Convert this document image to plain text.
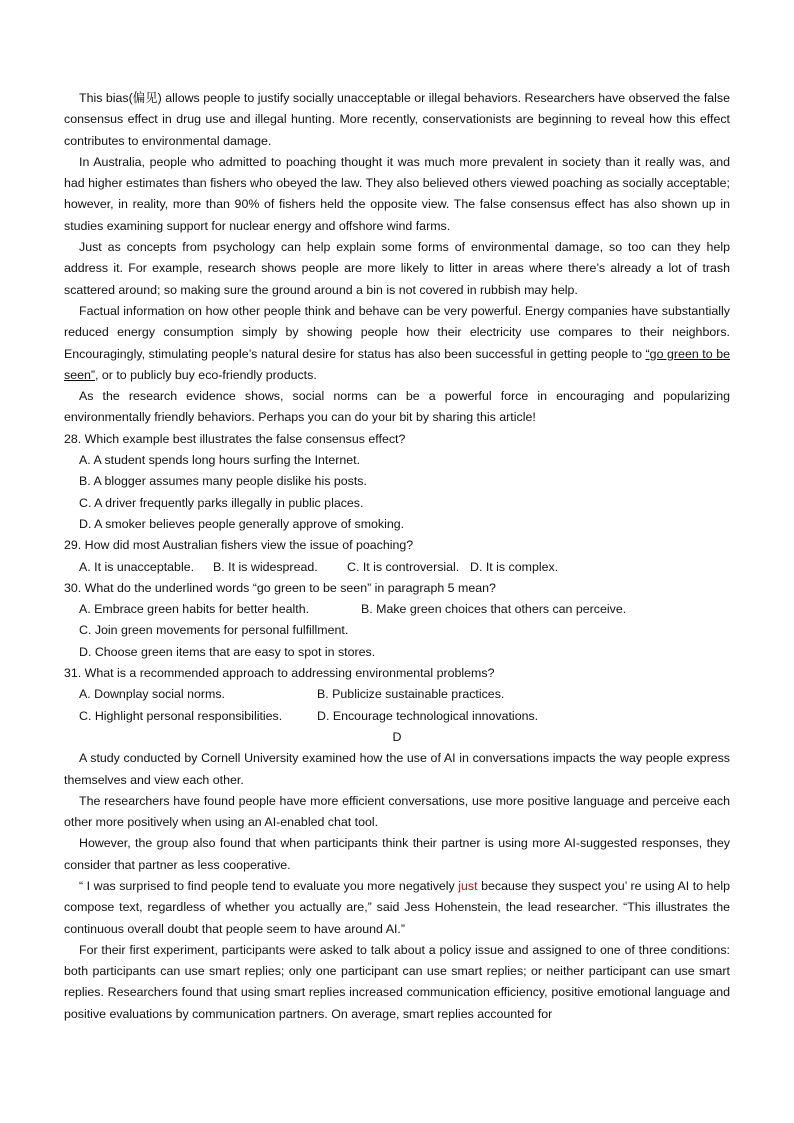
This bias(偏见) allows people to justify socially unacceptable or illegal behaviors. Researchers have observed the false consensus effect in drug use and illegal hunting. More recently, conservationists are beginning to reveal how this effect contributes to environmental damage.

In Australia, people who admitted to poaching thought it was much more prevalent in society than it really was, and had higher estimates than fishers who obeyed the law. They also believed others viewed poaching as socially acceptable; however, in reality, more than 90% of fishers held the opposite view. The false consensus effect has also shown up in studies examining support for nuclear energy and offshore wind farms.

Just as concepts from psychology can help explain some forms of environmental damage, so too can they help address it. For example, research shows people are more likely to litter in areas where there’s already a lot of trash scattered around; so making sure the ground around a bin is not covered in rubbish may help.

Factual information on how other people think and behave can be very powerful. Energy companies have substantially reduced energy consumption simply by showing people how their electricity use compares to their neighbors. Encouragingly, stimulating people’s natural desire for status has also been successful in getting people to “go green to be seen”, or to publicly buy eco-friendly products.

As the research evidence shows, social norms can be a powerful force in encouraging and popularizing environmentally friendly behaviors. Perhaps you can do your bit by sharing this article!

28. Which example best illustrates the false consensus effect?

A. A student spends long hours surfing the Internet.

B. A blogger assumes many people dislike his posts.

C. A driver frequently parks illegally in public places.

D. A smoker believes people generally approve of smoking.

29. How did most Australian fishers view the issue of poaching?

A. It is unacceptable.	B. It is widespread.	C. It is controversial. D. It is complex.

30. What do the underlined words “go green to be seen” in paragraph 5 mean?

A. Embrace green habits for better health.	B. Make green choices that others can perceive.

C. Join green movements for personal fulfillment.

D. Choose green items that are easy to spot in stores.

31. What is a recommended approach to addressing environmental problems?

A. Downplay social norms.	B. Publicize sustainable practices.
C. Highlight personal responsibilities.	D. Encourage technological innovations.

D

A study conducted by Cornell University examined how the use of AI in conversations impacts the way people express themselves and view each other.

The researchers have found people have more efficient conversations, use more positive language and perceive each other more positively when using an AI-enabled chat tool.

However, the group also found that when participants think their partner is using more AI-suggested responses, they consider that partner as less cooperative.

“ I was surprised to find people tend to evaluate you more negatively just because they suspect you’ re using AI to help compose text, regardless of whether you actually are,” said Jess Hohenstein, the lead researcher. “This illustrates the continuous overall doubt that people seem to have around AI.”

For their first experiment, participants were asked to talk about a policy issue and assigned to one of three conditions: both participants can use smart replies; only one participant can use smart replies; or neither participant can use smart replies. Researchers found that using smart replies increased communication efficiency, positive emotional language and positive evaluations by communication partners. On average, smart replies accounted for
